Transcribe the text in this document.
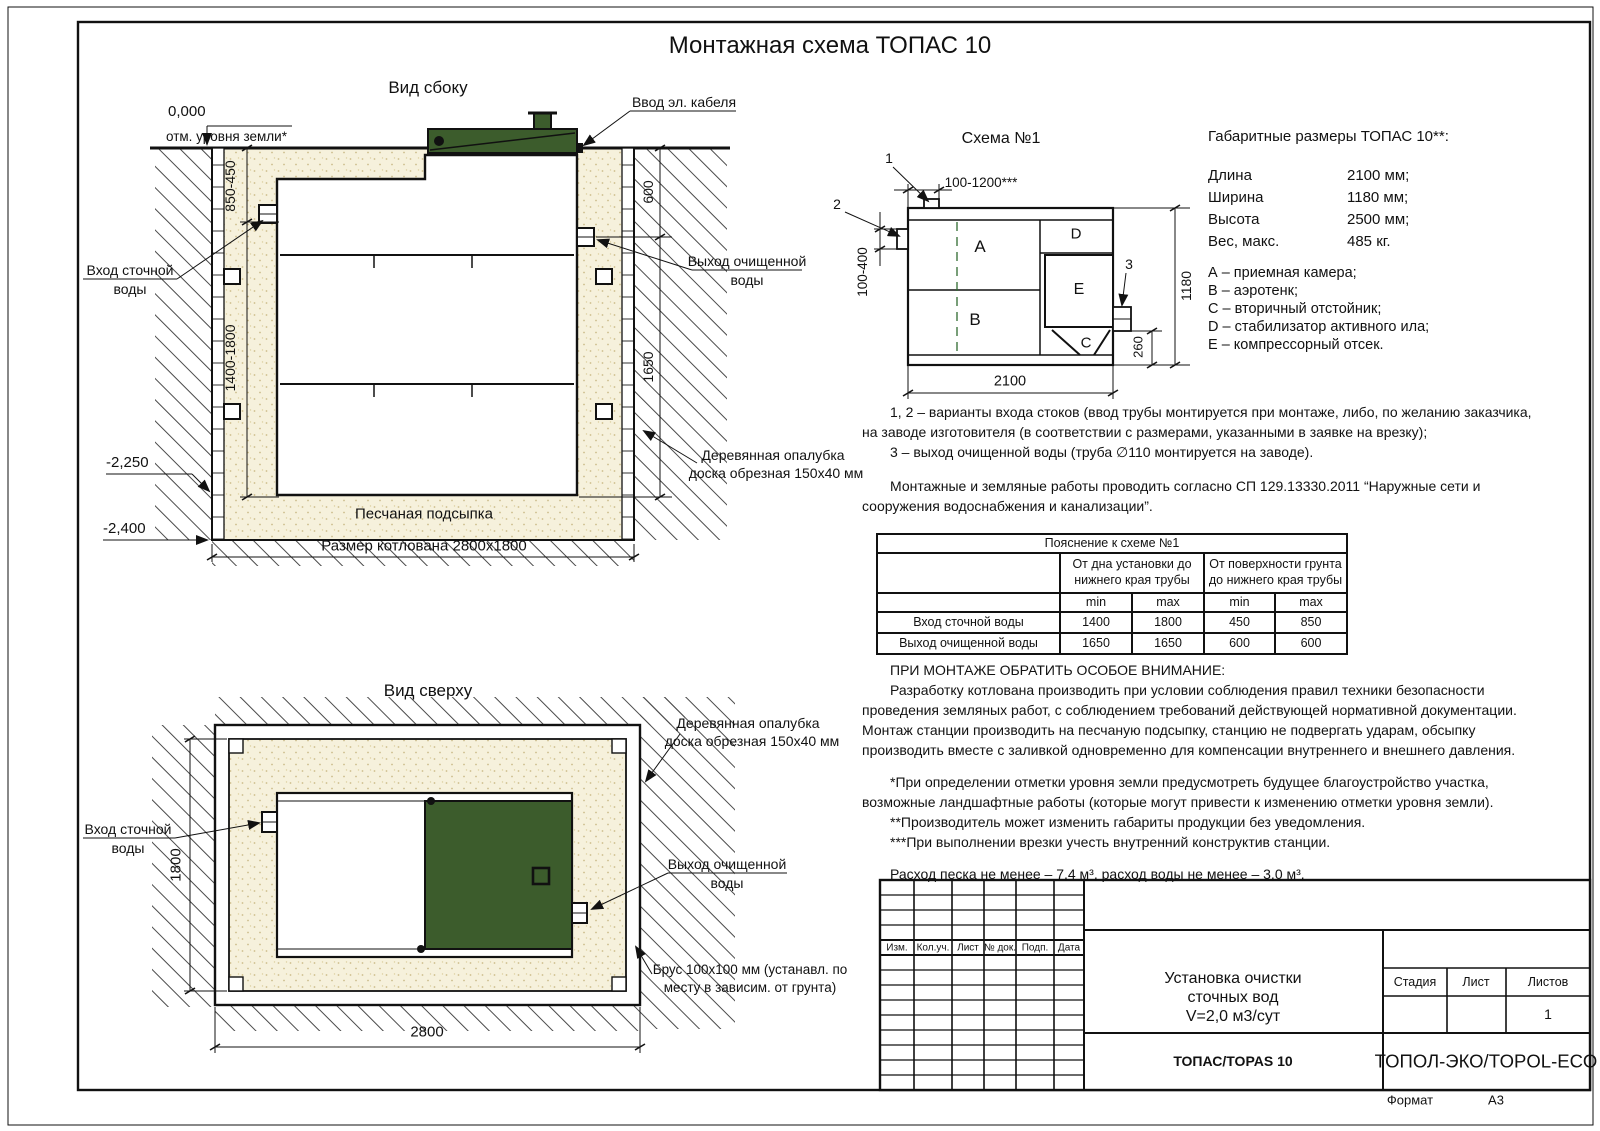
Монтажная схема ТОПАС 10
Вид сбоку
0,000
отм. уровня земли*
Ввод эл. кабеля
Вход сточной
воды
Выход очищенной
воды
850-450
1400-1800
600
1650
Деревянная опалубка
доска обрезная 150x40 мм
Песчаная подсыпка
Размер котлована 2800x1800
-2,250
-2,400
Схема №1
1
2
3
100-1200***
100-400
A
B
C
D
E	1180
260
2100
Габаритные размеры ТОПАС 10**:
Длина	2100 мм;
Ширина	1180 мм;
Высота	2500 мм;
Вес, макс.	485 кг.
А – приемная камера;
В – аэротенк;
С – вторичный отстойник;
D – стабилизатор активного ила;
Е – компрессорный отсек.

1, 2 – варианты входа стоков (ввод трубы монтируется при монтаже, либо, по желанию заказчика, на заводе изготовителя (в соответствии с размерами, указанными в заявке на врезку);

3 – выход очищенной воды (труба ∅110 монтируется на заводе).

Монтажные и земляные работы проводить согласно СП 129.13330.2011 “Наружные сети и сооружения водоснабжения и канализации”.

Пояснение к схеме №1				
	От дна установки до нижнего края трубы		От поверхности грунта до нижнего края трубы	
	min	max	min	max
Вход сточной воды	1400	1800	450	850
Выход очищенной воды	1650	1650	600	600

ПРИ МОНТАЖЕ ОБРАТИТЬ ОСОБОЕ ВНИМАНИЕ:

Разработку котлована производить при условии соблюдения правил техники безопасности проведения земляных работ, с соблюдением требований действующей нормативной документации. Монтаж станции производить на песчаную подсыпку, станцию не подвергать ударам, обсыпку производить вместе с заливкой одновременно для компенсации внутреннего и внешнего давления.

*При определении отметки уровня земли предусмотреть будущее благоустройство участка, возможные ландшафтные работы (которые могут привести к изменению отметки уровня земли).

**Производитель может изменить габариты продукции без уведомления.

***При выполнении врезки учесть внутренний конструктив станции.

Расход песка не менее – 7,4 м³, расход воды не менее – 3,0 м³.

Вид сверху
Деревянная опалубка
доска обрезная 150x40 мм
Вход сточной
воды
Выход очищенной
воды
Брус 100x100 мм (устанавл. по
месту в зависим. от грунта)
1800
2800
Изм. Кол.уч. Лист № док. Подп. Дата
Установка очистки
сточных вод
V=2,0 м3/сут
Стадия Лист	Листов
1
ТОПАС/TOPAS 10	ТОПОЛ-ЭКО/TOPOL-ECO
Формат	А3
